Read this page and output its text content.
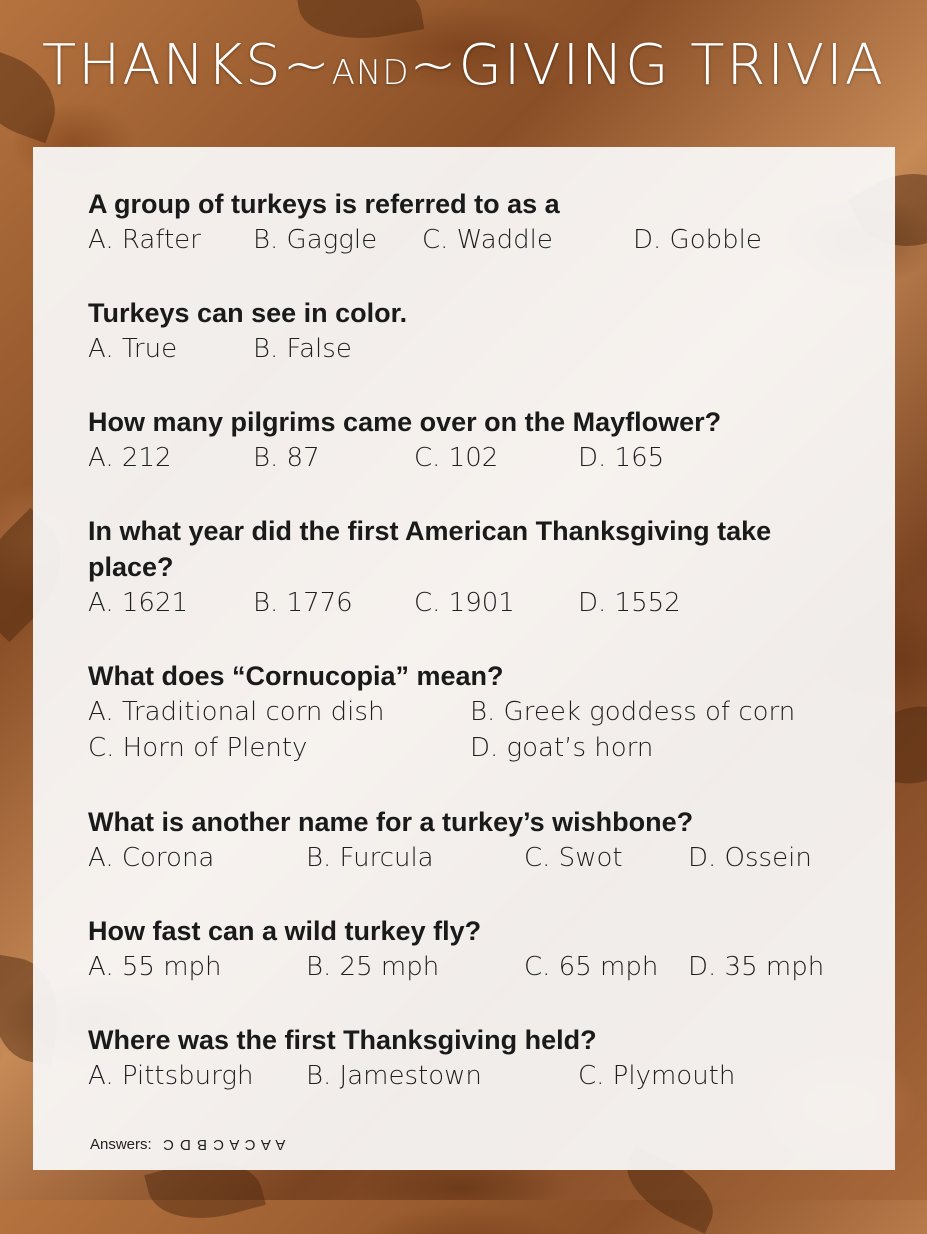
THANKS~AND~GIVING TRIVIA
A group of turkeys is referred to as a
A. Rafter B. Gaggle C. Waddle	D. Gobble
Turkeys can see in color.
A. True	B. False
How many pilgrims came over on the Mayflower?
A. 212	B. 87	C. 102	D. 165
In what year did the first American Thanksgiving take place?
A. 1621 B. 1776 C. 1901 D. 1552
What does “Cornucopia” mean?
A. Traditional corn dish	B. Greek goddess of corn
C. Horn of Plenty	D. goat’s horn
What is another name for a turkey’s wishbone?
A. Corona	B. Furcula	C. Swot	D. Ossein
How fast can a wild turkey fly?
A. 55 mph	B. 25 mph	C. 65 mph D. 35 mph
Where was the first Thanksgiving held?
A. Pittsburgh B. Jamestown	C. Plymouth
Answers: A A C A C B D C
